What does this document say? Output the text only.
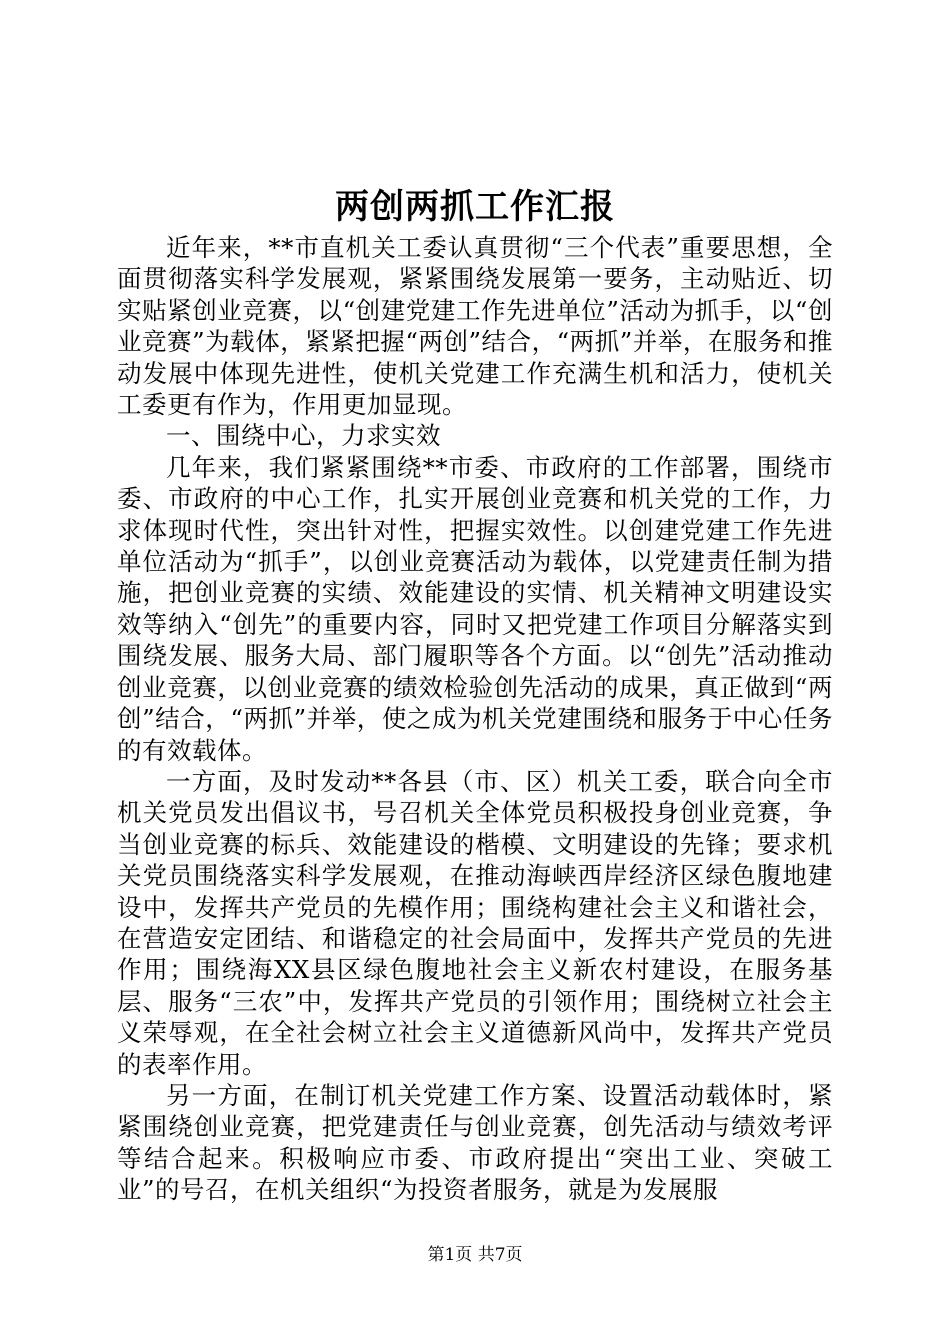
两创两抓工作汇报

近年来，**市直机关工委认真贯彻“三个代表”重要思想，全面贯彻落实科学发展观，紧紧围绕发展第一要务，主动贴近、切实贴紧创业竞赛，以“创建党建工作先进单位”活动为抓手，以“创业竞赛”为载体，紧紧把握“两创”结合，“两抓”并举，在服务和推动发展中体现先进性，使机关党建工作充满生机和活力，使机关工委更有作为，作用更加显现。

一、围绕中心，力求实效

几年来，我们紧紧围绕**市委、市政府的工作部署，围绕市委、市政府的中心工作，扎实开展创业竞赛和机关党的工作，力求体现时代性，突出针对性，把握实效性。以创建党建工作先进单位活动为“抓手”，以创业竞赛活动为载体，以党建责任制为措施，把创业竞赛的实绩、效能建设的实情、机关精神文明建设实效等纳入“创先”的重要内容，同时又把党建工作项目分解落实到围绕发展、服务大局、部门履职等各个方面。以“创先”活动推动创业竞赛，以创业竞赛的绩效检验创先活动的成果，真正做到“两创”结合，“两抓”并举，使之成为机关党建围绕和服务于中心任务的有效载体。

一方面，及时发动**各县（市、区）机关工委，联合向全市机关党员发出倡议书，号召机关全体党员积极投身创业竞赛，争当创业竞赛的标兵、效能建设的楷模、文明建设的先锋；要求机关党员围绕落实科学发展观，在推动海峡西岸经济区绿色腹地建设中，发挥共产党员的先模作用；围绕构建社会主义和谐社会，在营造安定团结、和谐稳定的社会局面中，发挥共产党员的先进作用；围绕海XX县区绿色腹地社会主义新农村建设，在服务基层、服务“三农”中，发挥共产党员的引领作用；围绕树立社会主义荣辱观，在全社会树立社会主义道德新风尚中，发挥共产党员的表率作用。

另一方面，在制订机关党建工作方案、设置活动载体时，紧紧围绕创业竞赛，把党建责任与创业竞赛，创先活动与绩效考评等结合起来。积极响应市委、市政府提出“突出工业、突破工业”的号召，在机关组织“为投资者服务，就是为发展服

第1页 共7页
